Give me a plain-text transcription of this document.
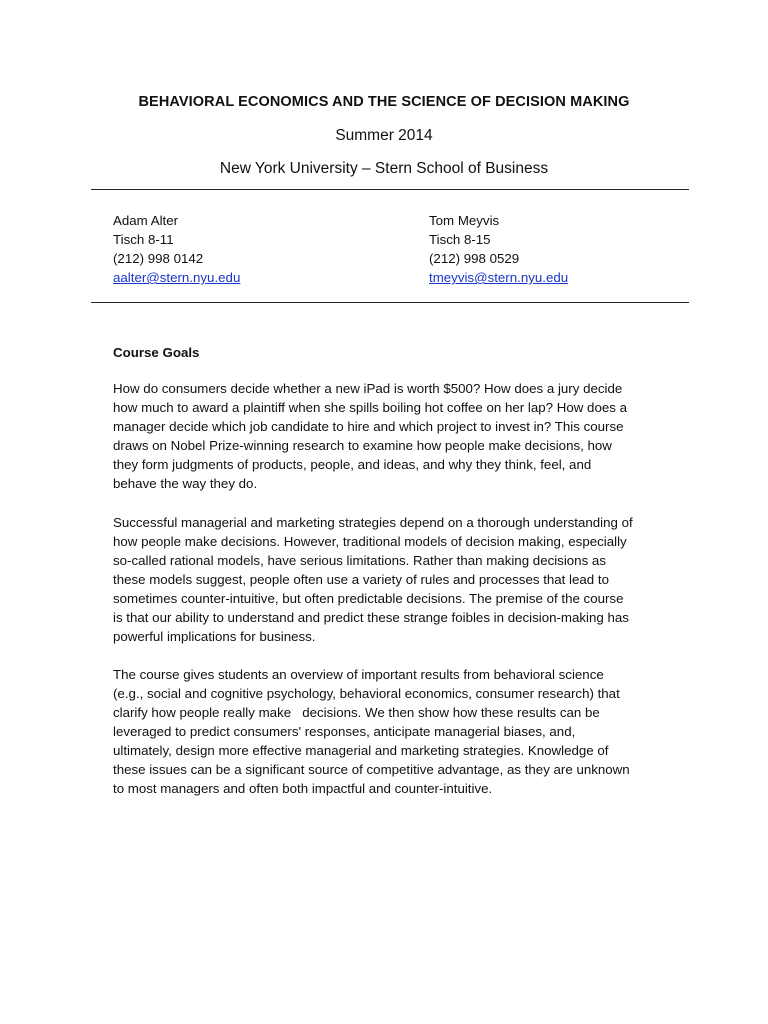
BEHAVIORAL ECONOMICS AND THE SCIENCE OF DECISION MAKING
Summer 2014
New York University – Stern School of Business
Adam Alter
Tisch 8-11
(212) 998 0142
aalter@stern.nyu.edu
Tom Meyvis
Tisch 8-15
(212) 998 0529
tmeyvis@stern.nyu.edu
Course Goals
How do consumers decide whether a new iPad is worth $500? How does a jury decide
how much to award a plaintiff when she spills boiling hot coffee on her lap? How does a
manager decide which job candidate to hire and which project to invest in? This course
draws on Nobel Prize-winning research to examine how people make decisions, how
they form judgments of products, people, and ideas, and why they think, feel, and
behave the way they do.
Successful managerial and marketing strategies depend on a thorough understanding of
how people make decisions. However, traditional models of decision making, especially
so-called rational models, have serious limitations. Rather than making decisions as
these models suggest, people often use a variety of rules and processes that lead to
sometimes counter-intuitive, but often predictable decisions. The premise of the course
is that our ability to understand and predict these strange foibles in decision-making has
powerful implications for business.
The course gives students an overview of important results from behavioral science
(e.g., social and cognitive psychology, behavioral economics, consumer research) that
clarify how people really make   decisions. We then show how these results can be
leveraged to predict consumers' responses, anticipate managerial biases, and,
ultimately, design more effective managerial and marketing strategies. Knowledge of
these issues can be a significant source of competitive advantage, as they are unknown
to most managers and often both impactful and counter-intuitive.
